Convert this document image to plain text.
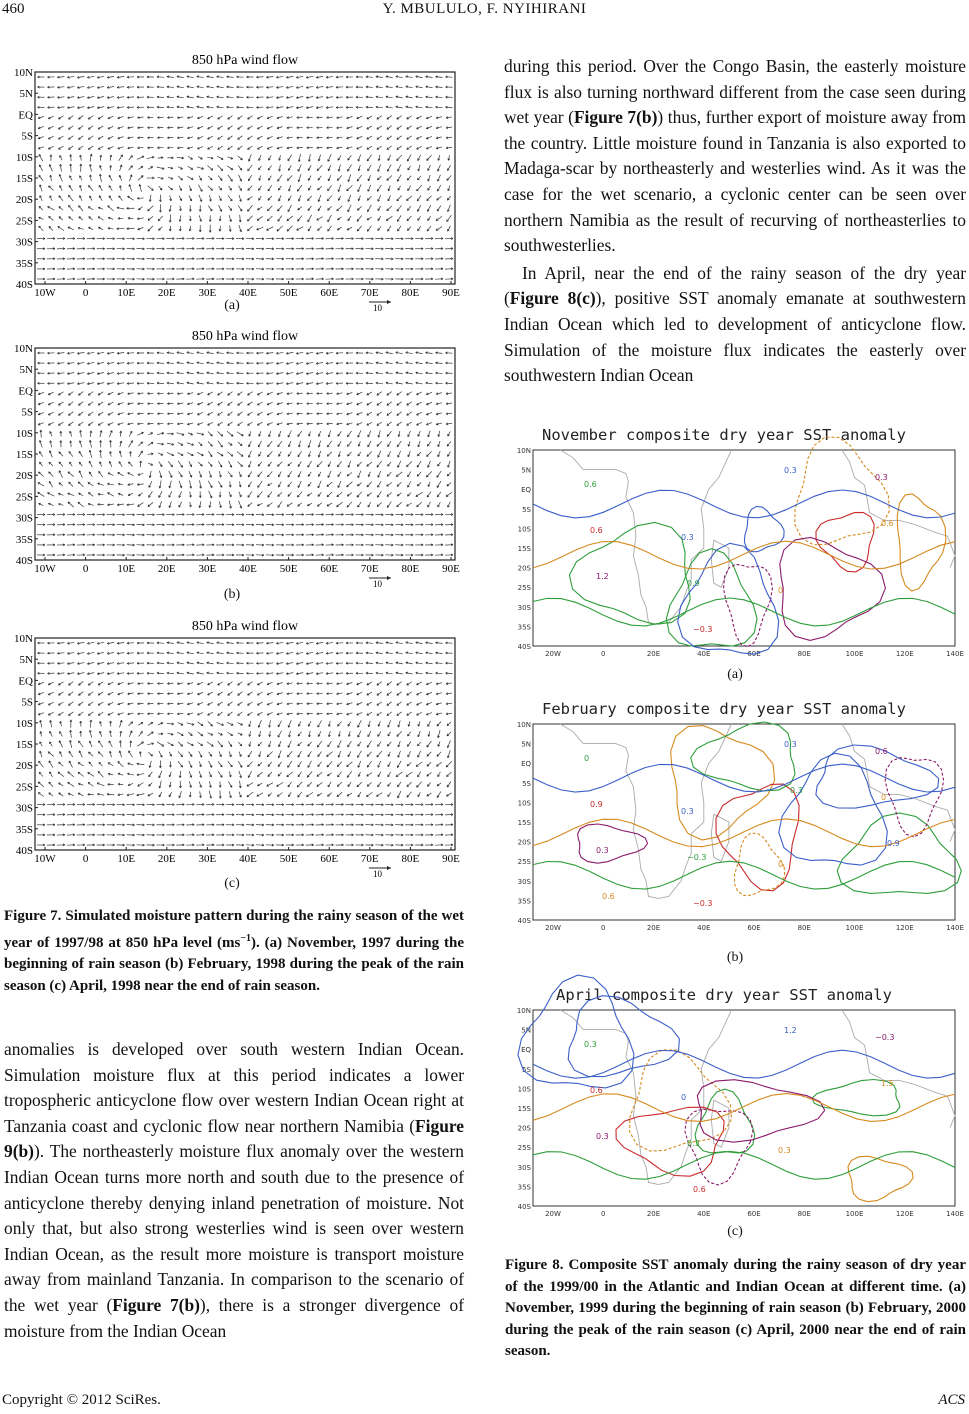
460	Y. MBULULO, F. NYIHIRANI
850 hPa wind flow
10N
5N
EQ
5S
10S
15S
20S
25S
30S
35S
40S
10W 0	10E 20E 30E 40E 50E 60E 70E 80E 90E
10
(a)
850 hPa wind flow
10N
5N
EQ
5S
10S
15S
20S
25S
30S
35S
40S
10W 0	10E 20E 30E 40E 50E 60E 70E 80E 90E
10
(b)
850 hPa wind flow
10N
5N
EQ
5S
10S
15S
20S
25S
30S
35S
40S
10W 0	10E 20E 30E 40E 50E 60E 70E 80E 90E
10
(c)
Figure 7. Simulated moisture pattern during the rainy season of the wet year of 1997/98 at 850 hPa level $(ms^{-1})$. (a) November, 1997 during the beginning of rain season (b) February, 1998 during the peak of the rain season (c) April, 1998 near the end of rain season.

anomalies is developed over south western Indian Ocean. Simulation moisture flux at this period indicates a lower tropospheric anticyclone flow over western Indian Ocean right at Tanzania coast and cyclonic flow near northern Namibia (Figure 9(b)). The northeasterly moisture flux anomaly over the western Indian Ocean turns more north and south due to the presence of anticyclone thereby denying inland penetration of moisture. Not only that, but also strong westerlies wind is seen over western Indian Ocean, as the result more moisture is transport moisture away from mainland Tanzania. In comparison to the scenario of the wet year (Figure 7(b)), there is a stronger divergence of moisture from the Indian Ocean

during this period. Over the Congo Basin, the easterly moisture flux is also turning northward different from the case seen during wet year (Figure 7(b)) thus, further export of moisture away from the country. Little moisture found in Tanzania is also exported to Madaga-scar by northeasterly and westerlies wind. As it was the case for the wet scenario, a cyclonic center can be seen over northern Namibia as the result of recurving of northeasterlies to southwesterlies.

In April, near the end of the rainy season of the dry year (Figure 8(c)), positive SST anomaly emanate at southwestern Indian Ocean which led to development of anticyclone flow. Simulation of the moisture flux indicates the easterly over southwestern Indian Ocean

November composite dry year SST anomaly
10N
5N
EQ
5S
10S
15S
20S
25S
30S
35S
40S
20W	0	20E	40E	60E	80E	100E	120E	140E
0.6
0.3
0
0.3
0.6
0.9
0.3
0.6
1.2
−0.3
(a)
February composite dry year SST anomaly
10N
5N
EQ
5S
10S
15S
20S
25S
30S
35S
40S
20W	0	20E	40E	60E	80E	100E	120E	140E
0
0.3
0
0.6
0.9
−0.3
0.3
0
0.3
−0.3
0.3
0.9
0.6
(b)
April composite dry year SST anomaly
10N
5N
EQ
5S
10S
15S
20S
25S
30S
35S
40S
20W	0	20E	40E	60E	80E	100E	120E	140E
0.3
0
0.3
−0.3
0.6
0.3
1.2
1.5
0.3
0.6
(c)
Figure 8. Composite SST anomaly during the rainy season of dry year of the 1999/00 in the Atlantic and Indian Ocean at different time. (a) November, 1999 during the beginning of rain season (b) February, 2000 during the peak of the rain season (c) April, 2000 near the end of rain season.
Copyright © 2012 SciRes.	ACS
